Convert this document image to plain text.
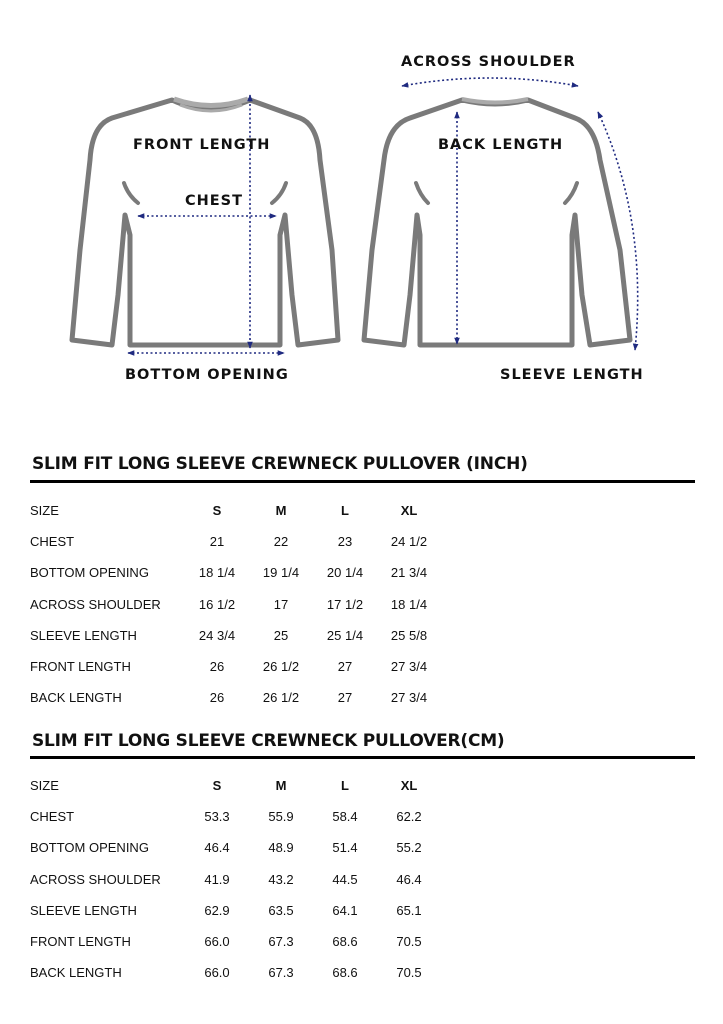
FRONT LENGTH
CHEST
BOTTOM OPENING
ACROSS SHOULDER
BACK LENGTH
SLEEVE LENGTH
SLIM FIT LONG SLEEVE CREWNECK PULLOVER (INCH)
SIZE	S	M	L	XL
CHEST	21	22	23	24 1/2
BOTTOM OPENING	18 1/4	19 1/4	20 1/4	21 3/4
ACROSS SHOULDER	16 1/2	17	17 1/2	18 1/4
SLEEVE LENGTH	24 3/4	25	25 1/4	25 5/8
FRONT LENGTH	26	26 1/2	27	27 3/4
BACK LENGTH	26	26 1/2	27	27 3/4
SLIM FIT LONG SLEEVE CREWNECK PULLOVER(CM)
SIZE	S	M	L	XL
CHEST	53.3	55.9	58.4	62.2
BOTTOM OPENING	46.4	48.9	51.4	55.2
ACROSS SHOULDER	41.9	43.2	44.5	46.4
SLEEVE LENGTH	62.9	63.5	64.1	65.1
FRONT LENGTH	66.0	67.3	68.6	70.5
BACK LENGTH	66.0	67.3	68.6	70.5
